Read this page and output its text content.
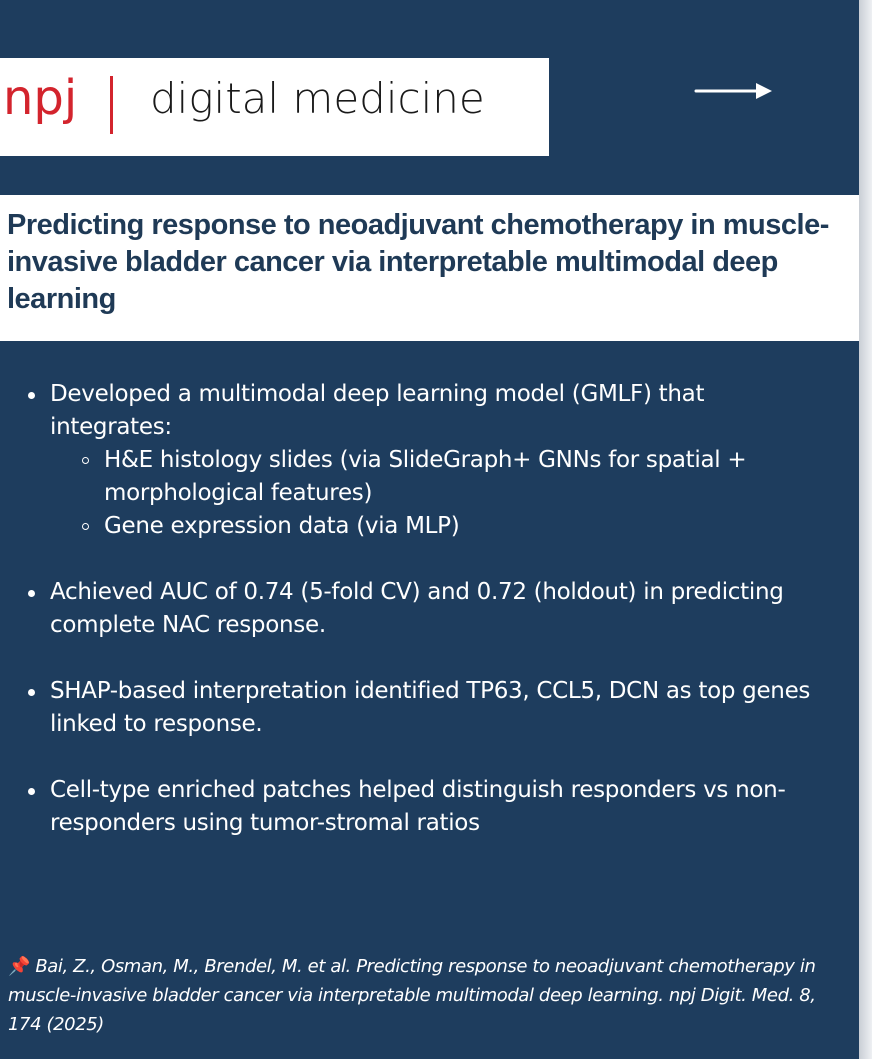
npj digital medicine
Predicting response to neoadjuvant chemotherapy in muscle-invasive bladder cancer via interpretable multimodal deep learning
Developed a multimodal deep learning model (GMLF) that integrates:
H&E histology slides (via SlideGraph+ GNNs for spatial + morphological features)
Gene expression data (via MLP)
Achieved AUC of 0.74 (5-fold CV) and 0.72 (holdout) in predicting complete NAC response.
SHAP-based interpretation identified TP63, CCL5, DCN as top genes linked to response.
Cell-type enriched patches helped distinguish responders vs non-responders using tumor-stromal ratios

📌 Bai, Z., Osman, M., Brendel, M. et al. Predicting response to neoadjuvant chemotherapy in muscle-invasive bladder cancer via interpretable multimodal deep learning. npj Digit. Med. 8, 174 (2025)
